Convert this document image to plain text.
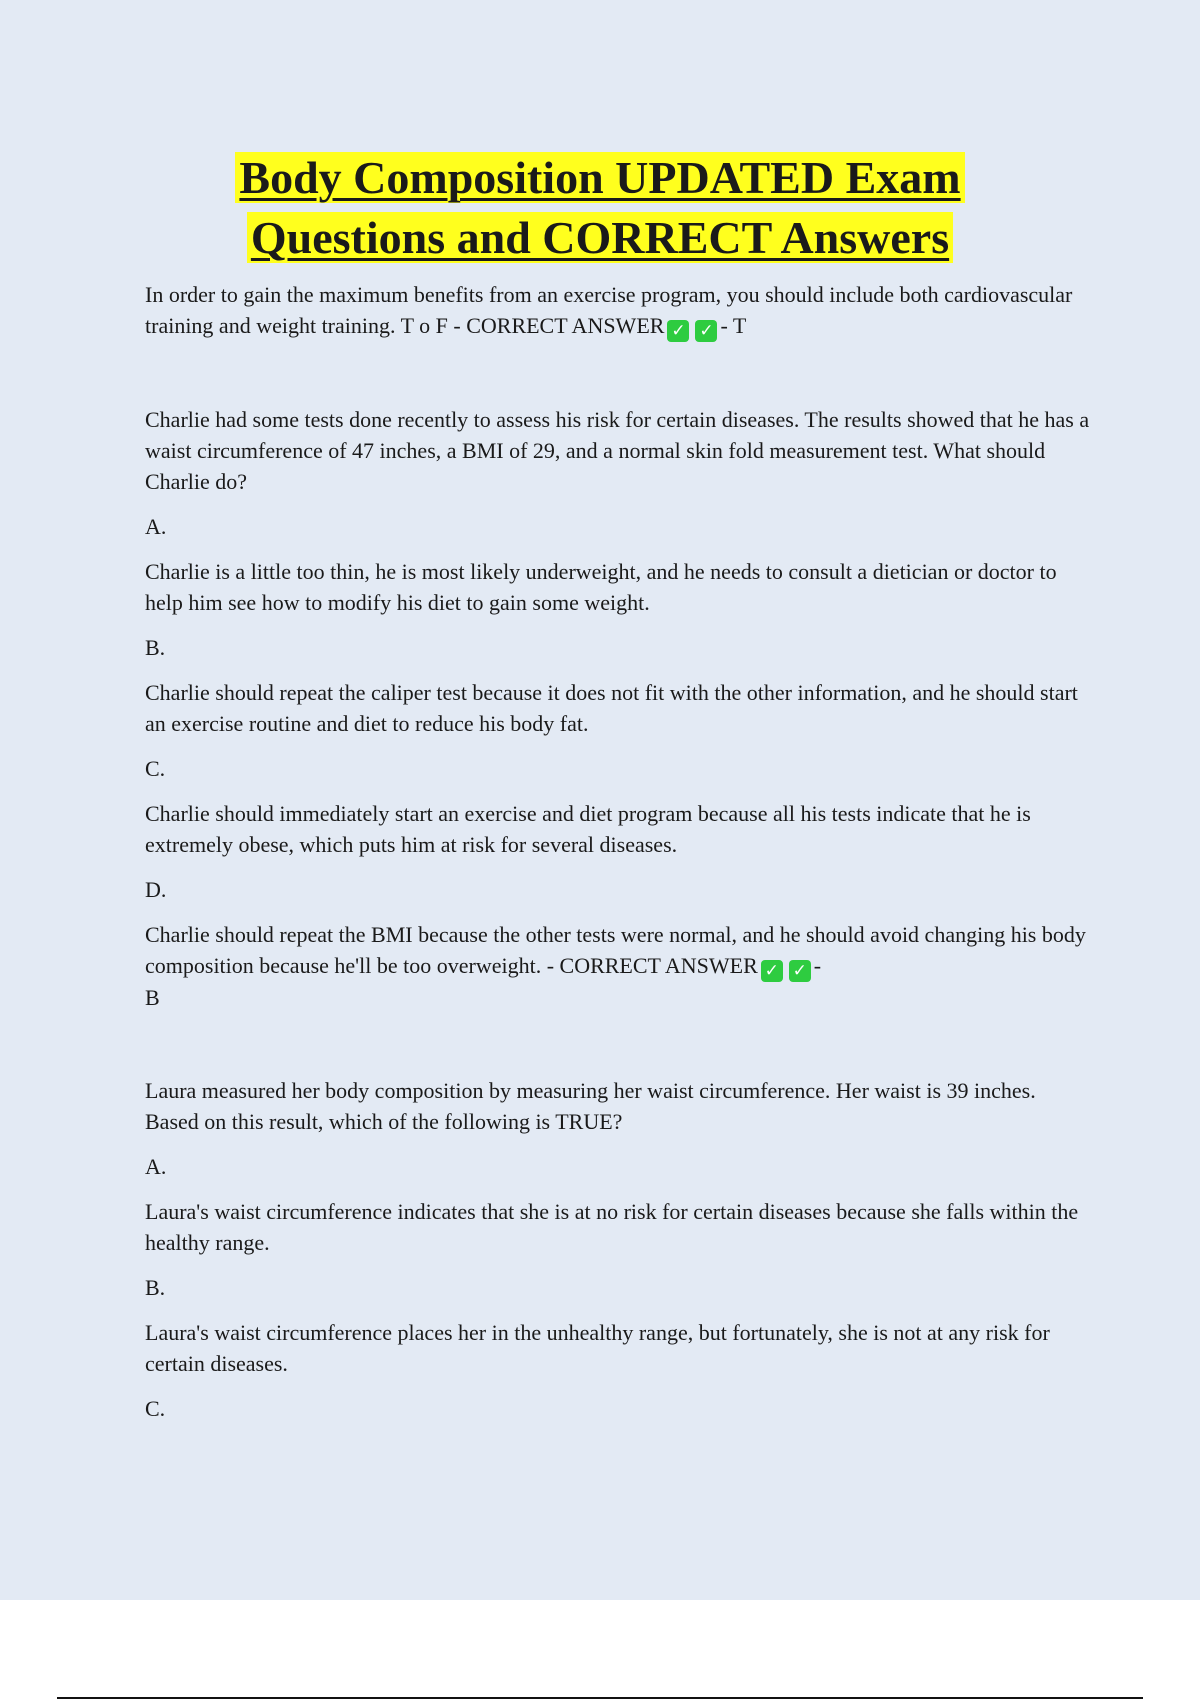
Body Composition UPDATED Exam
Questions and CORRECT Answers

In order to gain the maximum benefits from an exercise program, you should include both cardiovascular training and weight training. T o F - CORRECT ANSWER ✓ ✓ - T

Charlie had some tests done recently to assess his risk for certain diseases. The results showed that he has a waist circumference of 47 inches, a BMI of 29, and a normal skin fold measurement test. What should Charlie do?

A.

Charlie is a little too thin, he is most likely underweight, and he needs to consult a dietician or doctor to help him see how to modify his diet to gain some weight.

B.

Charlie should repeat the caliper test because it does not fit with the other information, and he should start an exercise routine and diet to reduce his body fat.

C.

Charlie should immediately start an exercise and diet program because all his tests indicate that he is extremely obese, which puts him at risk for several diseases.

D.

Charlie should repeat the BMI because the other tests were normal, and he should avoid changing his body composition because he'll be too overweight. - CORRECT ANSWER ✓ ✓ -
B

Laura measured her body composition by measuring her waist circumference. Her waist is 39 inches. Based on this result, which of the following is TRUE?

A.

Laura's waist circumference indicates that she is at no risk for certain diseases because she falls within the healthy range.

B.

Laura's waist circumference places her in the unhealthy range, but fortunately, she is not at any risk for certain diseases.

C.
